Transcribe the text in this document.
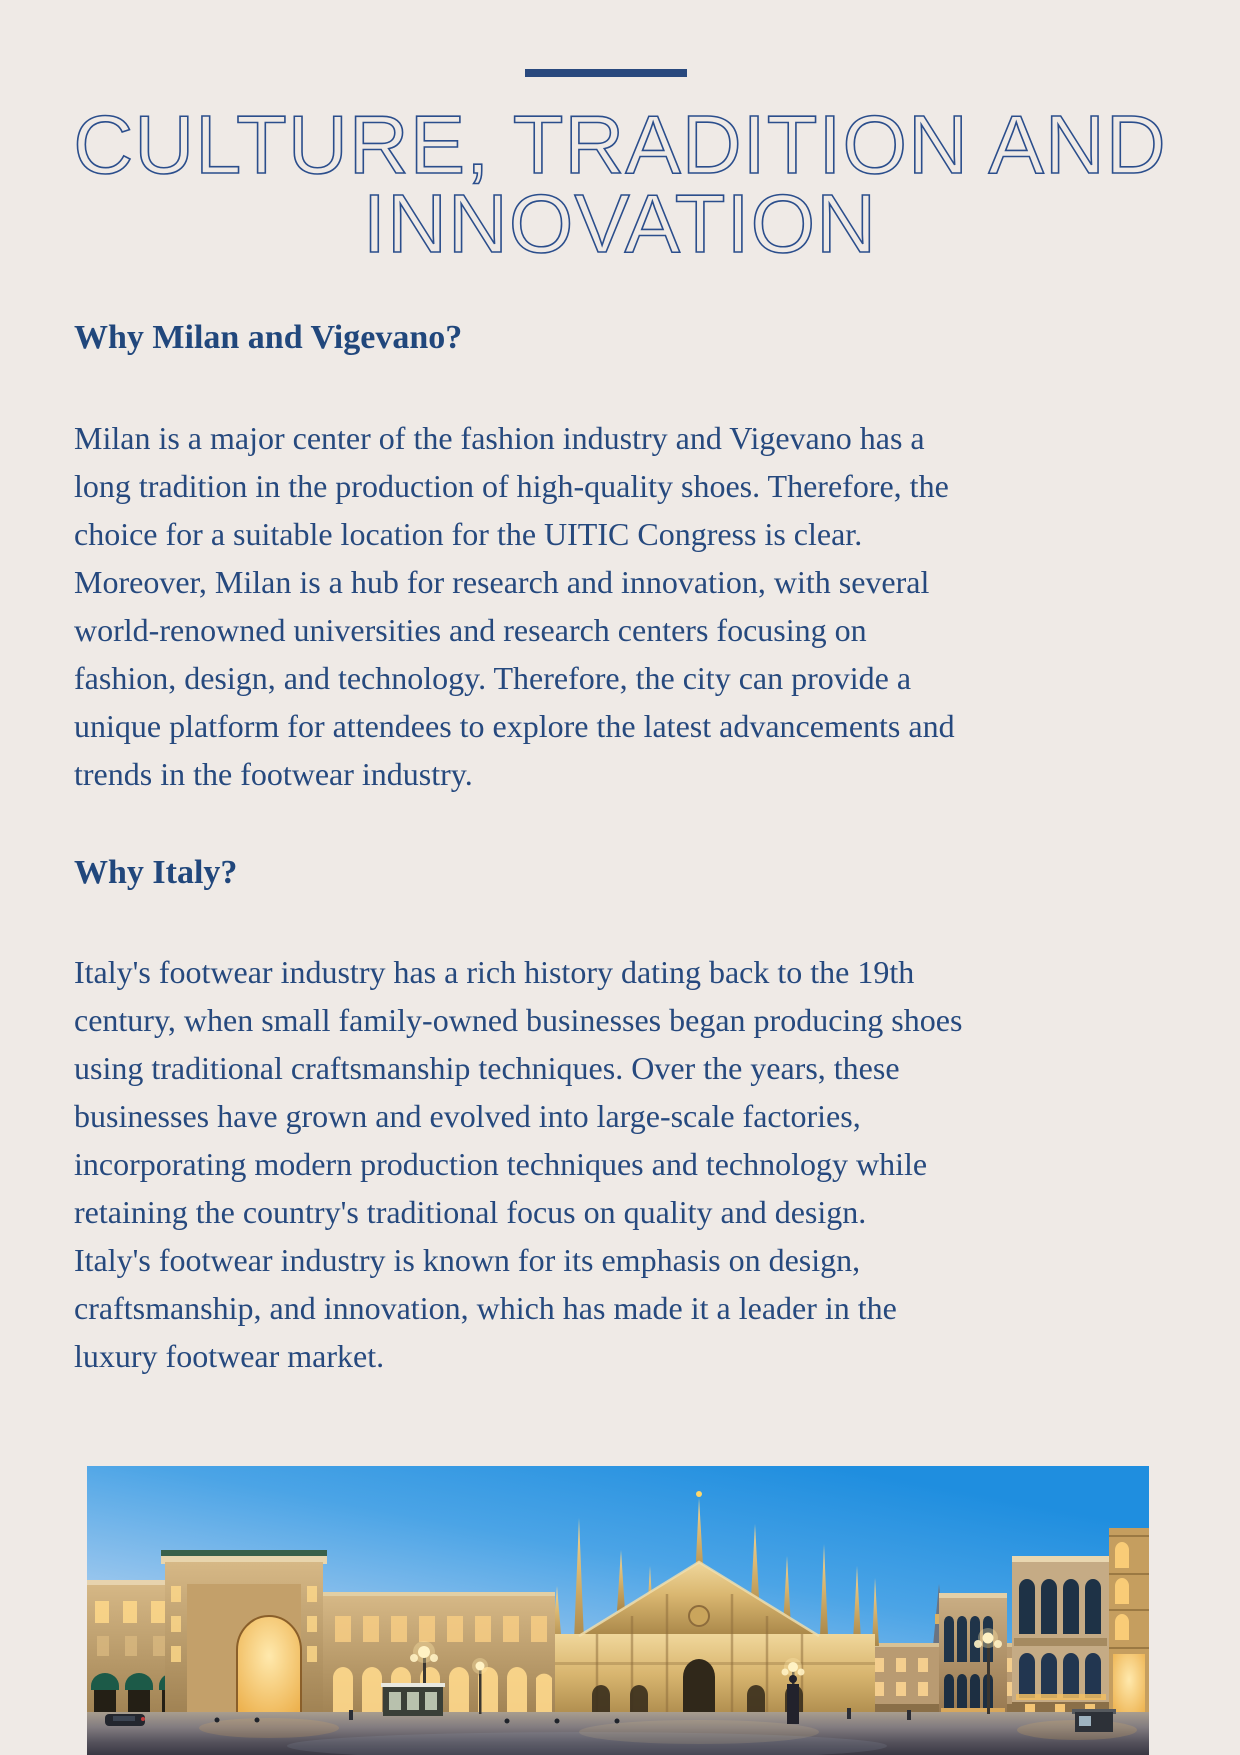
CULTURE, TRADITION AND
INNOVATION
Why Milan and Vigevano?

Milan is a major center of the fashion industry and Vigevano has a
long tradition in the production of high-quality shoes. Therefore, the
choice for a suitable location for the UITIC Congress is clear.
Moreover, Milan is a hub for research and innovation, with several
world-renowned universities and research centers focusing on
fashion, design, and technology. Therefore, the city can provide a
unique platform for attendees to explore the latest advancements and
trends in the footwear industry.

Why Italy?

Italy's footwear industry has a rich history dating back to the 19th
century, when small family-owned businesses began producing shoes
using traditional craftsmanship techniques. Over the years, these
businesses have grown and evolved into large-scale factories,
incorporating modern production techniques and technology while
retaining the country's traditional focus on quality and design.
Italy's footwear industry is known for its emphasis on design,
craftsmanship, and innovation, which has made it a leader in the
luxury footwear market.
